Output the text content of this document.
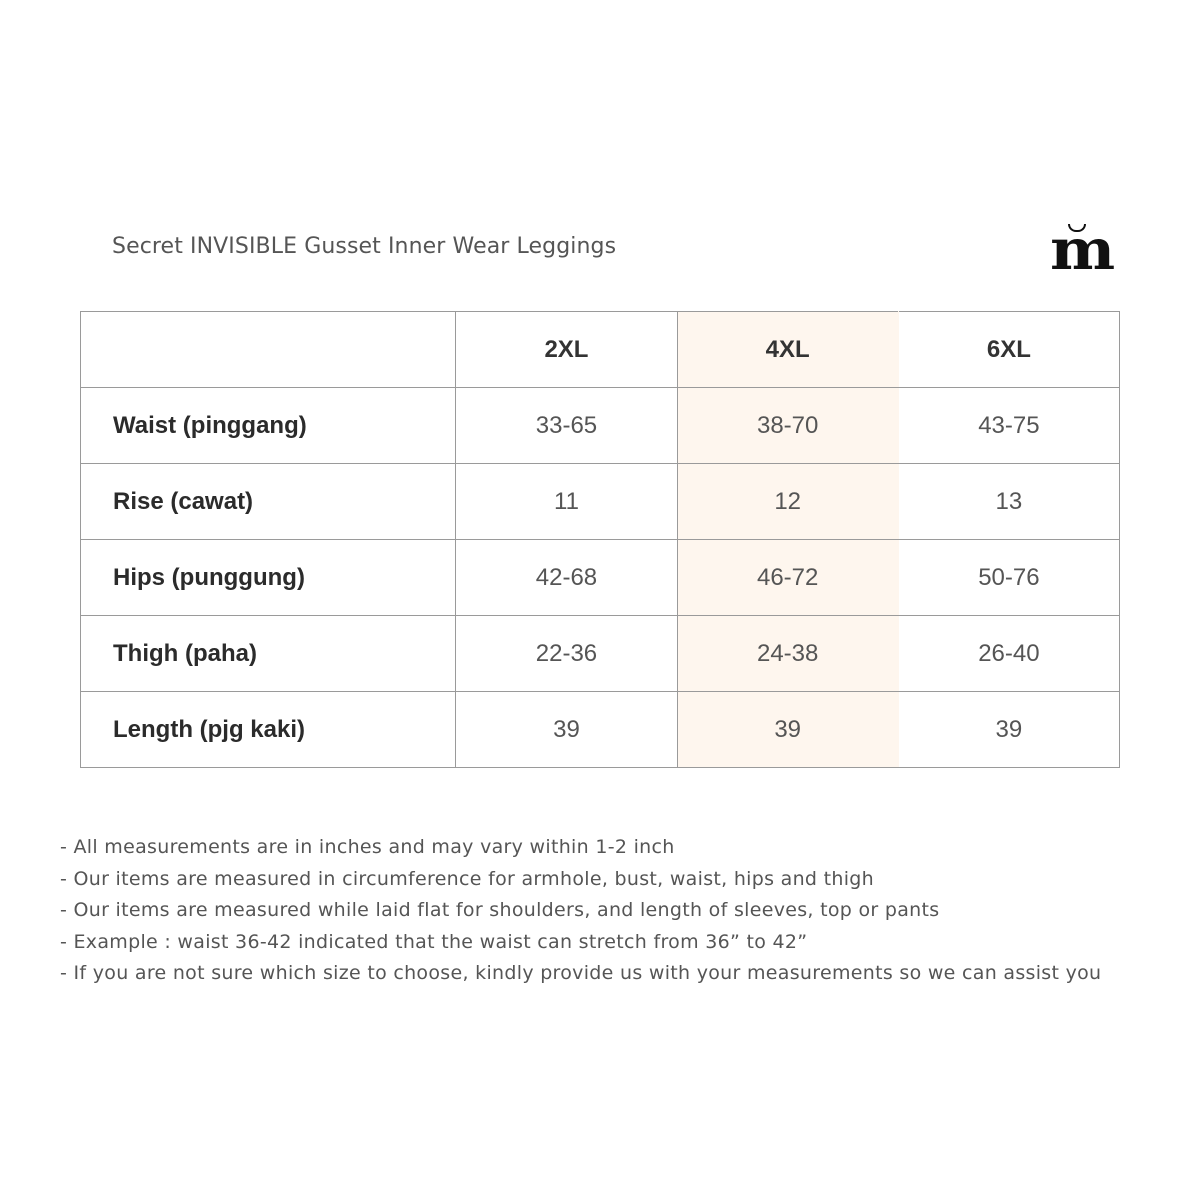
Secret INVISIBLE Gusset Inner Wear Leggings	m
	2XL	4XL	6XL
Waist (pinggang)	33-65	38-70	43-75
Rise (cawat)	11	12	13
Hips (punggung)	42-68	46-72	50-76
Thigh (paha)	22-36	24-38	26-40
Length (pjg kaki)	39	39	39
- All measurements are in inches and may vary within 1-2 inch
- Our items are measured in circumference for armhole, bust, waist, hips and thigh
- Our items are measured while laid flat for shoulders, and length of sleeves, top or pants
- Example : waist 36-42 indicated that the waist can stretch from 36” to 42”
- If you are not sure which size to choose, kindly provide us with your measurements so we can assist you
